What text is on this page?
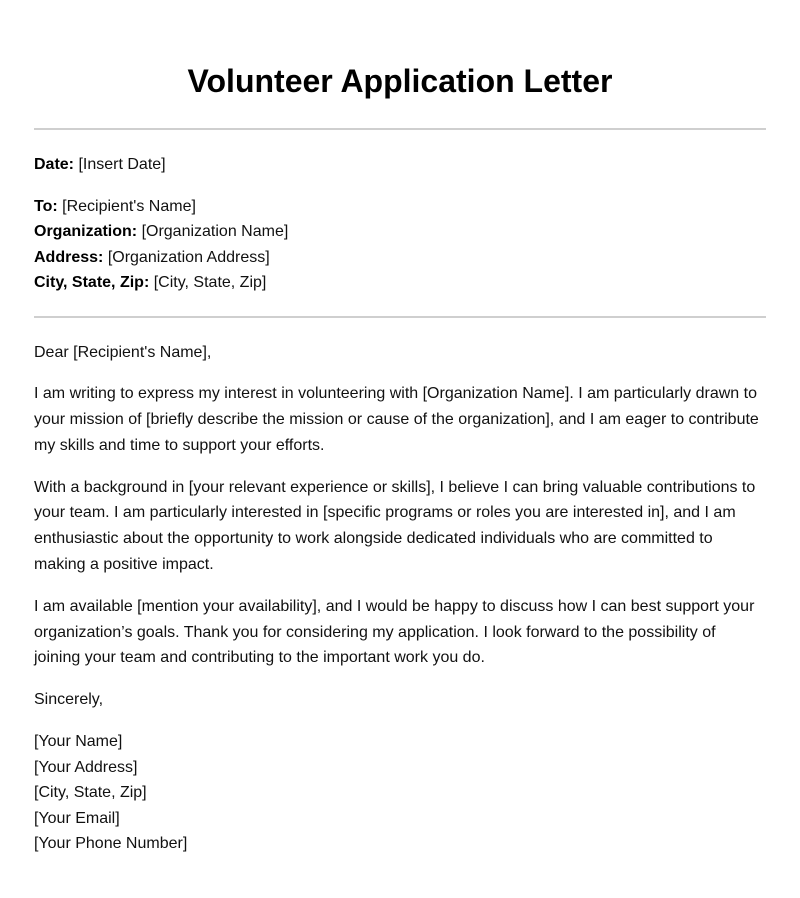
Volunteer Application Letter

Date: [Insert Date]

To: [Recipient's Name]

Organization: [Organization Name]

Address: [Organization Address]

City, State, Zip: [City, State, Zip]

Dear [Recipient's Name],

I am writing to express my interest in volunteering with [Organization Name]. I am particularly drawn to your mission of [briefly describe the mission or cause of the organization], and I am eager to contribute my skills and time to support your efforts.

With a background in [your relevant experience or skills], I believe I can bring valuable contributions to your team. I am particularly interested in [specific programs or roles you are interested in], and I am enthusiastic about the opportunity to work alongside dedicated individuals who are committed to making a positive impact.

I am available [mention your availability], and I would be happy to discuss how I can best support your organization’s goals. Thank you for considering my application. I look forward to the possibility of joining your team and contributing to the important work you do.

Sincerely,

[Your Name]

[Your Address]

[City, State, Zip]

[Your Email]

[Your Phone Number]
